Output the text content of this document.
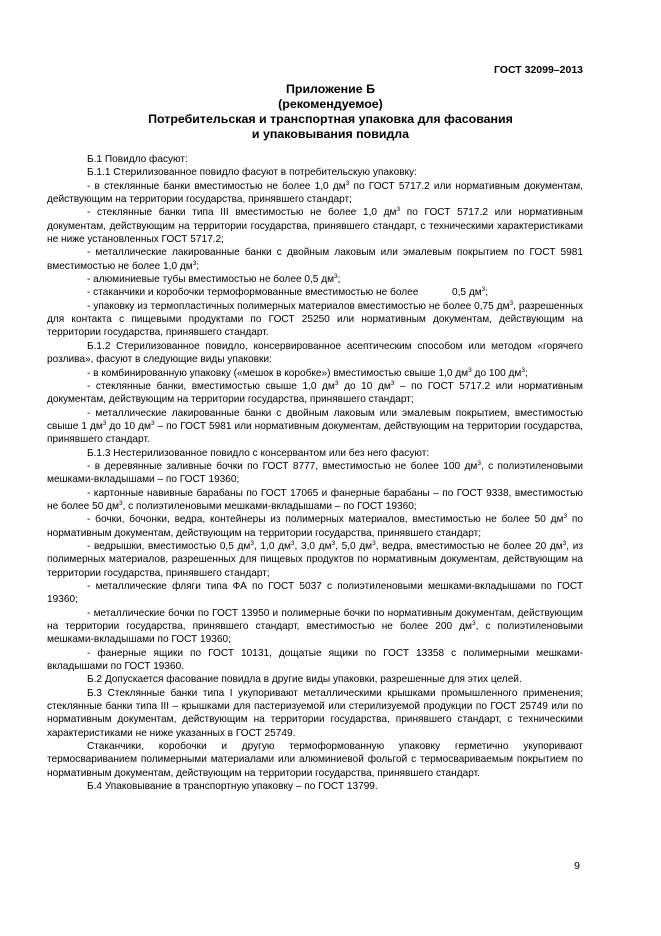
ГОСТ 32099–2013
Приложение Б
(рекомендуемое)
Потребительская и транспортная упаковка для фасования
и упаковывания повидла

Б.1 Повидло фасуют:

Б.1.1 Стерилизованное повидло фасуют в потребительскую упаковку:

- в стеклянные банки вместимостью не более 1,0 $дм^3$ по ГОСТ 5717.2 или нормативным документам, действующим на территории государства, принявшего стандарт;

- стеклянные банки типа III вместимостью не более 1,0 $дм^3$ по ГОСТ 5717.2 или нормативным документам, действующим на территории государства, принявшего стандарт, с техническими характеристиками не ниже установленных ГОСТ 5717.2;

- металлические лакированные банки с двойным лаковым или эмалевым покрытием по ГОСТ 5981 вместимостью не более 1,0 $дм^3$;

- алюминиевые тубы вместимостью не более 0,5 $дм^3$;

- стаканчики и коробочки термоформованные вместимостью не более            0,5 $дм^3$;

- упаковку из термопластичных полимерных материалов вместимостью не более 0,75 $дм^3$, разрешенных для контакта с пищевыми продуктами по ГОСТ 25250 или нормативным документам, действующим на территории государства, принявшего стандарт.

Б.1.2 Стерилизованное повидло, консервированное асептическим способом или методом «горячего розлива», фасуют в следующие виды упаковки:

- в комбинированную упаковку («мешок в коробке») вместимостью свыше 1,0 $дм^3$ до 100 $дм^3$;

- стеклянные банки, вместимостью свыше 1,0 $дм^3$ до 10 $дм^3$ – по ГОСТ 5717.2 или нормативным документам, действующим на территории государства, принявшего стандарт;

- металлические лакированные банки с двойным лаковым или эмалевым покрытием, вместимостью свыше 1 $дм^3$ до 10 $дм^3$ – по ГОСТ 5981 или нормативным документам, действующим на территории государства, принявшего стандарт.

Б.1.3 Нестерилизованное повидло с консервантом или без него фасуют:

- в деревянные заливные бочки по ГОСТ 8777, вместимостью не более 100 $дм^3$, с полиэтиленовыми мешками-вкладышами – по ГОСТ 19360;

- картонные навивные барабаны по ГОСТ 17065 и фанерные барабаны – по ГОСТ 9338, вместимостью не более 50 $дм^3$, с полиэтиленовыми мешками-вкладышами – по ГОСТ 19360;

- бочки, бочонки, ведра, контейнеры из полимерных материалов, вместимостью не более 50 $дм^3$ по нормативным документам, действующим на территории государства, принявшего стандарт;

- ведрышки, вместимостью 0,5 $дм^3$, 1,0 $дм^3$, 3,0 $дм^3$, 5,0 $дм^3$, ведра, вместимостью не более 20 $дм^3$, из полимерных материалов, разрешенных для пищевых продуктов по нормативным документам, действующим на территории государства, принявшего стандарт;

- металлические фляги типа ФА по ГОСТ 5037 с полиэтиленовыми мешками-вкладышами по ГОСТ 19360;

- металлические бочки по ГОСТ 13950 и полимерные бочки по нормативным документам, действующим на территории государства, принявшего стандарт, вместимостью не более 200 $дм^3$, с полиэтиленовыми мешками-вкладышами по ГОСТ 19360;

- фанерные ящики по ГОСТ 10131, дощатые ящики по ГОСТ 13358 с полимерными мешками-вкладышами по ГОСТ 19360.

Б.2 Допускается фасование повидла в другие виды упаковки, разрешенные для этих целей.

Б.3 Стеклянные банки типа I укупоривают металлическими крышками промышленного применения; стеклянные банки типа III – крышками для пастеризуемой или стерилизуемой продукции по ГОСТ 25749 или по нормативным документам, действующим на территории государства, принявшего стандарт, с техническими характеристиками не ниже указанных в ГОСТ 25749.

Стаканчики, коробочки и другую термоформованную упаковку герметично укупоривают термосвариванием полимерными материалами или алюминиевой фольгой с термосвариваемым покрытием по нормативным документам, действующим на территории государства, принявшего стандарт.

Б.4 Упаковывание в транспортную упаковку – по ГОСТ 13799.

9
